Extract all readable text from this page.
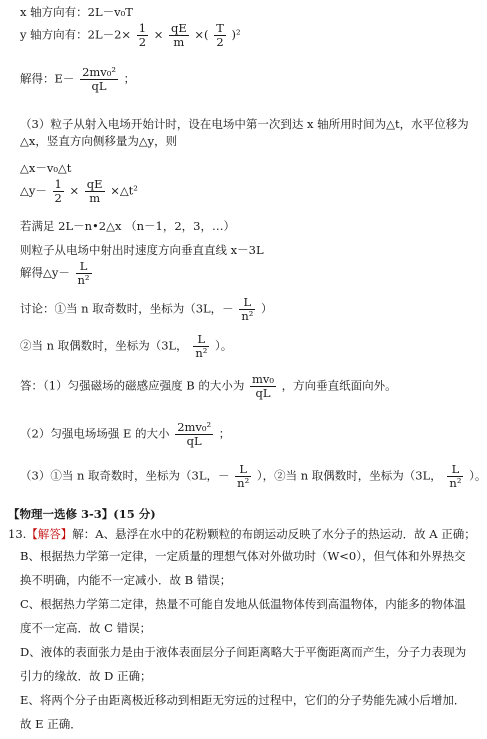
x 轴方向有：2L－v₀T
y 轴方向有：$2L-2\times \frac{1}{2} \times \frac{qE}{m}$ ×( $\frac{T}{2} )^2$
解得：$E- \frac{\text{2mv₀²}}{qL}$ ；
（3）粒子从射入电场开始计时，设在电场中第一次到达 x 轴所用时间为△t，水平位移为△x，竖直方向侧移量为△y，则
△x－v₀△t
△y－ $\frac{1}{2} \times \frac{qE}{m}$ ×△t²
若满足 2L－n•2△x （n－1，2，3，…）
则粒子从电场中射出时速度方向垂直直线 x－3L
解得△y－ $\frac{L}{\text{n²}}$
讨论：①当 n 取奇数时，坐标为（3L，－ $\frac{L}{\text{n²}}$ ）
②当 n 取偶数时，坐标为（3L， $\frac{L}{\text{n²}}$ ）。
答：（1）匀强磁场的磁感应强度 B 的大小为 $\frac{\text{mv₀}}{qL}$ ，方向垂直纸面向外。
（2）匀强电场场强 E 的大小 $\frac{\text{2mv₀²}}{qL}$ ；
（3）①当 n 取奇数时，坐标为（3L，－ $\frac{L}{\text{n²}}$ ），②当 n 取偶数时，坐标为（3L， $\frac{L}{\text{n²}}$ ）。
【物理一选修 3-3】(15 分)
13.【解答】解：A、悬浮在水中的花粉颗粒的布朗运动反映了水分子的热运动．故 A 正确；
B、根据热力学第一定律，一定质量的理想气体对外做功时（W<0），但气体和外界热交
换不明确，内能不一定减小．故 B 错误；
C、根据热力学第二定律，热量不可能自发地从低温物体传到高温物体，内能多的物体温
度不一定高．故 C 错误；
D、液体的表面张力是由于液体表面层分子间距离略大于平衡距离而产生，分子力表现为
引力的缘故．故 D 正确；
E、将两个分子由距离极近移动到相距无穷远的过程中，它们的分子势能先减小后增加．
故 E 正确．
